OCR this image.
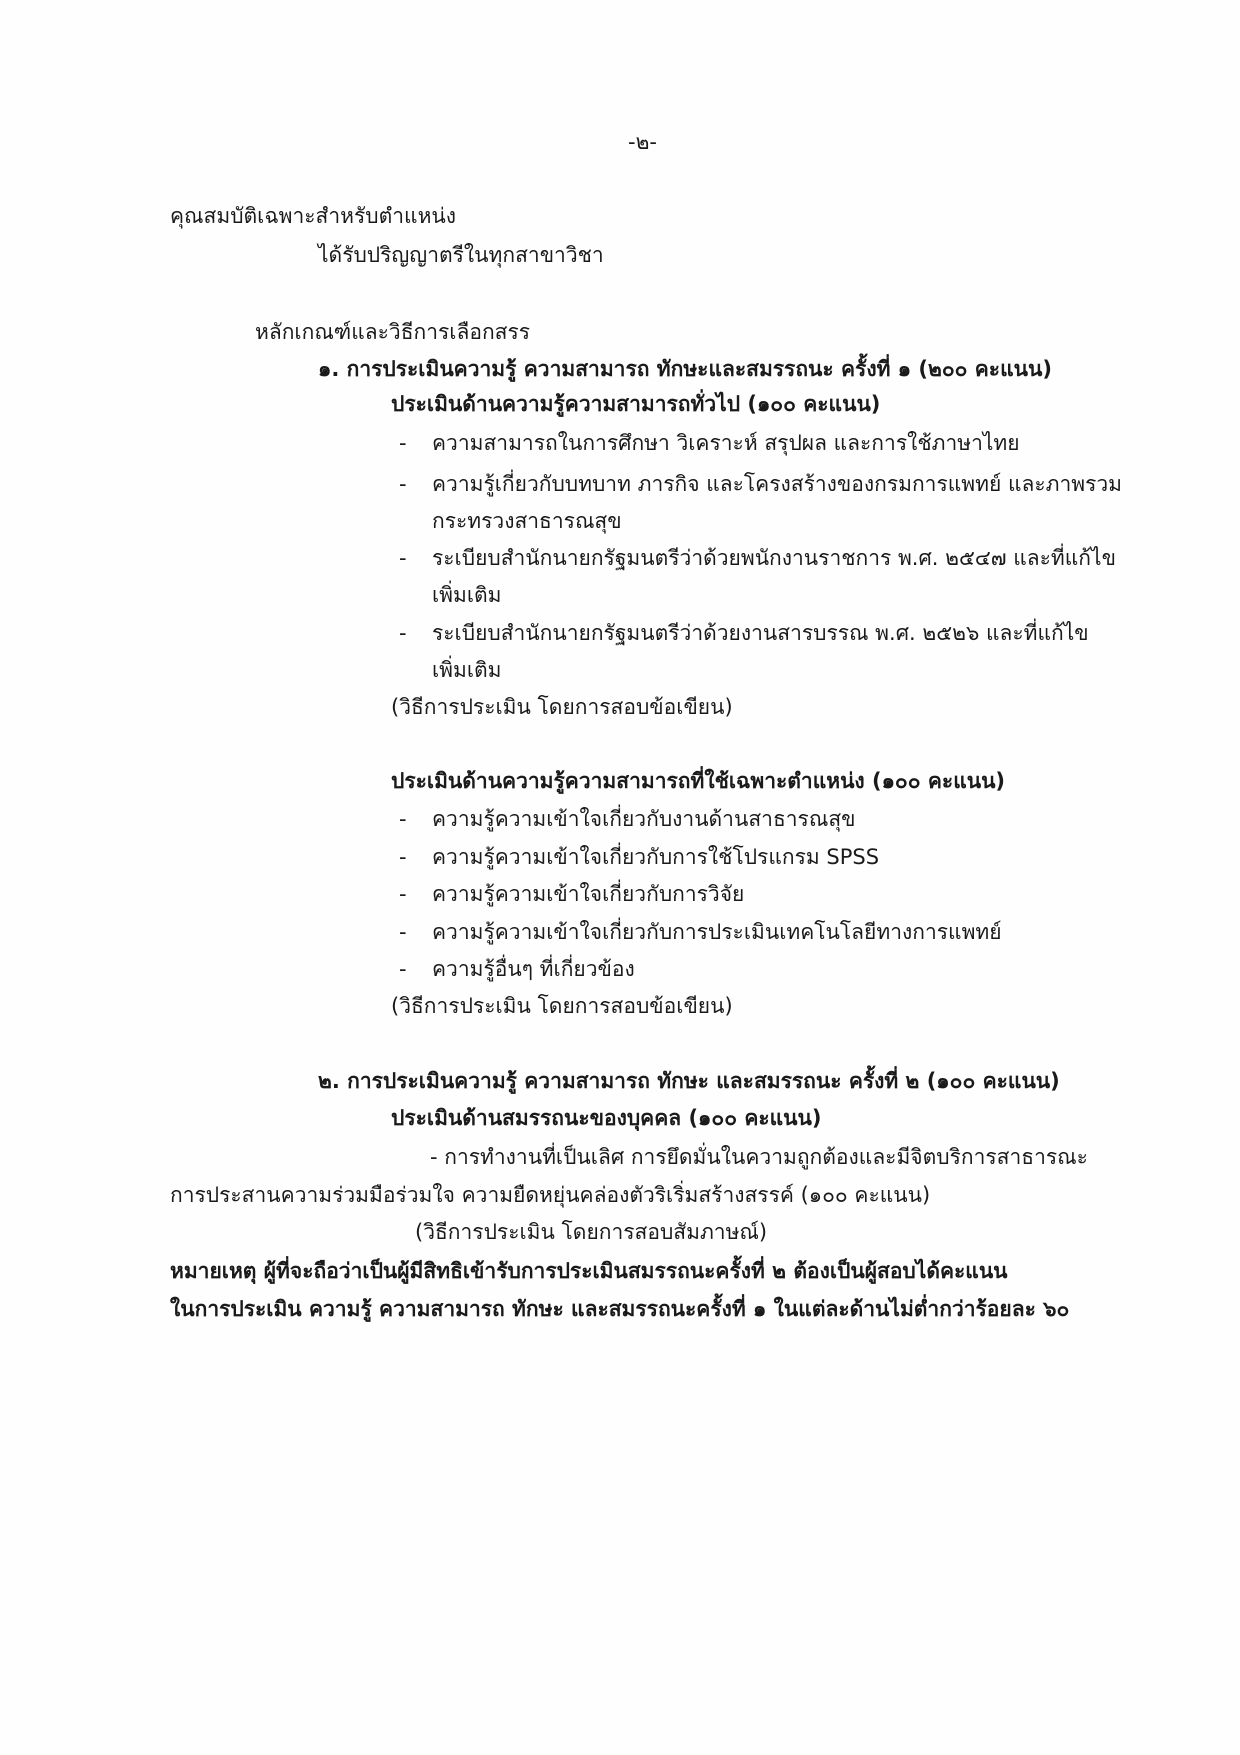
-๒-
คุณสมบัติเฉพาะสำหรับตำแหน่ง
ได้รับปริญญาตรีในทุกสาขาวิชา
หลักเกณฑ์และวิธีการเลือกสรร
๑. การประเมินความรู้ ความสามารถ ทักษะและสมรรถนะ ครั้งที่ ๑ (๒๐๐ คะแนน)
ประเมินด้านความรู้ความสามารถทั่วไป (๑๐๐ คะแนน)
- ความสามารถในการศึกษา วิเคราะห์ สรุปผล และการใช้ภาษาไทย
- ความรู้เกี่ยวกับบทบาท ภารกิจ และโครงสร้างของกรมการแพทย์ และภาพรวม
กระทรวงสาธารณสุข
- ระเบียบสำนักนายกรัฐมนตรีว่าด้วยพนักงานราชการ พ.ศ. ๒๕๔๗ และที่แก้ไข
เพิ่มเติม
- ระเบียบสำนักนายกรัฐมนตรีว่าด้วยงานสารบรรณ พ.ศ. ๒๕๒๖ และที่แก้ไข
เพิ่มเติม
(วิธีการประเมิน โดยการสอบข้อเขียน)
ประเมินด้านความรู้ความสามารถที่ใช้เฉพาะตำแหน่ง (๑๐๐ คะแนน)
- ความรู้ความเข้าใจเกี่ยวกับงานด้านสาธารณสุข
- ความรู้ความเข้าใจเกี่ยวกับการใช้โปรแกรม SPSS
- ความรู้ความเข้าใจเกี่ยวกับการวิจัย
- ความรู้ความเข้าใจเกี่ยวกับการประเมินเทคโนโลยีทางการแพทย์
- ความรู้อื่นๆ ที่เกี่ยวข้อง
(วิธีการประเมิน โดยการสอบข้อเขียน)
๒. การประเมินความรู้ ความสามารถ ทักษะ และสมรรถนะ ครั้งที่ ๒ (๑๐๐ คะแนน)
ประเมินด้านสมรรถนะของบุคคล (๑๐๐ คะแนน)
- การทำงานที่เป็นเลิศ การยึดมั่นในความถูกต้องและมีจิตบริการสาธารณะ
การประสานความร่วมมือร่วมใจ ความยืดหยุ่นคล่องตัวริเริ่มสร้างสรรค์ (๑๐๐ คะแนน)
(วิธีการประเมิน โดยการสอบสัมภาษณ์)
หมายเหตุ ผู้ที่จะถือว่าเป็นผู้มีสิทธิเข้ารับการประเมินสมรรถนะครั้งที่ ๒ ต้องเป็นผู้สอบได้คะแนน
ในการประเมิน ความรู้ ความสามารถ ทักษะ และสมรรถนะครั้งที่ ๑ ในแต่ละด้านไม่ต่ำกว่าร้อยละ ๖๐
